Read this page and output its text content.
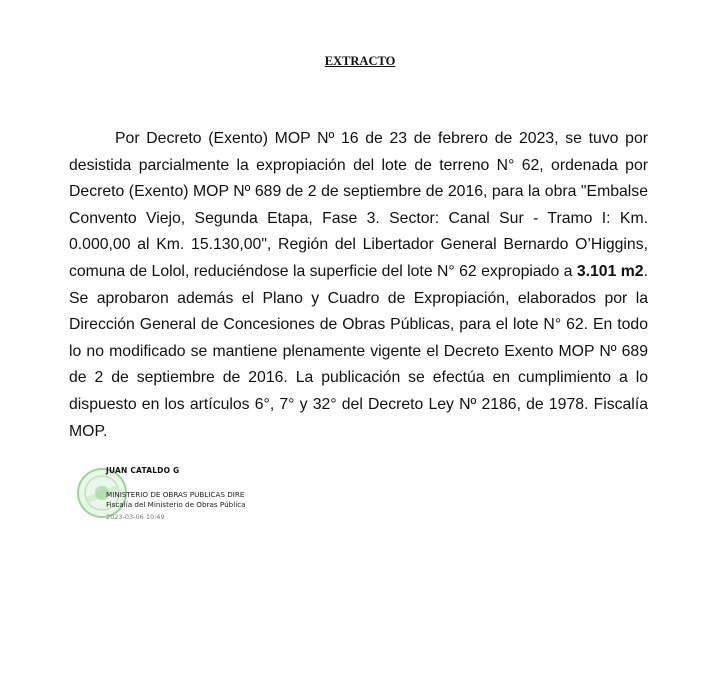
EXTRACTO

Por Decreto (Exento) MOP Nº 16 de 23 de febrero de 2023, se tuvo por desistida parcialmente la expropiación del lote de terreno N° 62, ordenada por Decreto (Exento) MOP Nº 689 de 2 de septiembre de 2016, para la obra "Embalse Convento Viejo, Segunda Etapa, Fase 3. Sector: Canal Sur - Tramo I: Km. 0.000,00 al Km. 15.130,00", Región del Libertador General Bernardo O’Higgins, comuna de Lolol, reduciéndose la superficie del lote N° 62 expropiado a 3.101 m2. Se aprobaron además el Plano y Cuadro de Expropiación, elaborados por la Dirección General de Concesiones de Obras Públicas, para el lote N° 62. En todo lo no modificado se mantiene plenamente vigente el Decreto Exento MOP Nº 689 de 2 de septiembre de 2016. La publicación se efectúa en cumplimiento a lo dispuesto en los artículos 6°, 7° y 32° del Decreto Ley Nº 2186, de 1978. Fiscalía MOP.

JUAN CATALDO G
MINISTERIO DE OBRAS PUBLICAS DIRE
Fiscalía del Ministerio de Obras Pública
2023-03-06 10:49
